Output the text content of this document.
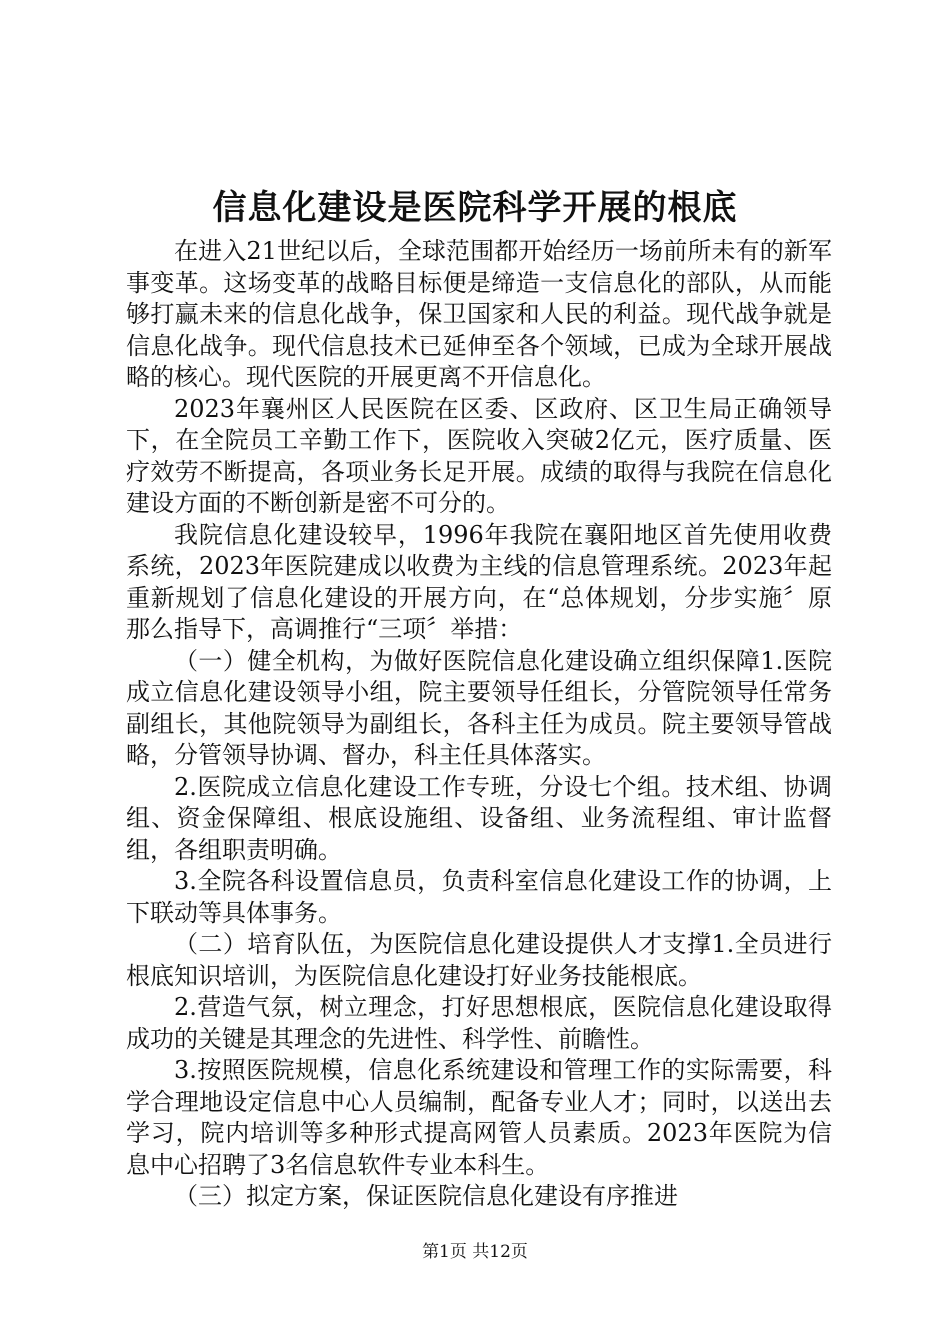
信息化建设是医院科学开展的根底

在进入21世纪以后，全球范围都开始经历一场前所未有的新军事变革。这场变革的战略目标便是缔造一支信息化的部队，从而能够打赢未来的信息化战争，保卫国家和人民的利益。现代战争就是信息化战争。现代信息技术已延伸至各个领域，已成为全球开展战略的核心。现代医院的开展更离不开信息化。

2023年襄州区人民医院在区委、区政府、区卫生局正确领导下，在全院员工辛勤工作下，医院收入突破2亿元，医疗质量、医疗效劳不断提高，各项业务长足开展。成绩的取得与我院在信息化建设方面的不断创新是密不可分的。

我院信息化建设较早，1996年我院在襄阳地区首先使用收费系统，2023年医院建成以收费为主线的信息管理系统。2023年起重新规划了信息化建设的开展方向，在“总体规划，分步实施〞原那么指导下，高调推行“三项〞举措：

（一）健全机构，为做好医院信息化建设确立组织保障1.医院成立信息化建设领导小组，院主要领导任组长，分管院领导任常务副组长，其他院领导为副组长，各科主任为成员。院主要领导管战略，分管领导协调、督办，科主任具体落实。

2.医院成立信息化建设工作专班，分设七个组。技术组、协调组、资金保障组、根底设施组、设备组、业务流程组、审计监督组，各组职责明确。

3.全院各科设置信息员，负责科室信息化建设工作的协调，上下联动等具体事务。

（二）培育队伍，为医院信息化建设提供人才支撑1.全员进行根底知识培训，为医院信息化建设打好业务技能根底。

2.营造气氛，树立理念，打好思想根底，医院信息化建设取得成功的关键是其理念的先进性、科学性、前瞻性。

3.按照医院规模，信息化系统建设和管理工作的实际需要，科学合理地设定信息中心人员编制，配备专业人才；同时，以送出去学习，院内培训等多种形式提高网管人员素质。2023年医院为信息中心招聘了3名信息软件专业本科生。

（三）拟定方案，保证医院信息化建设有序推进

第1页 共12页
